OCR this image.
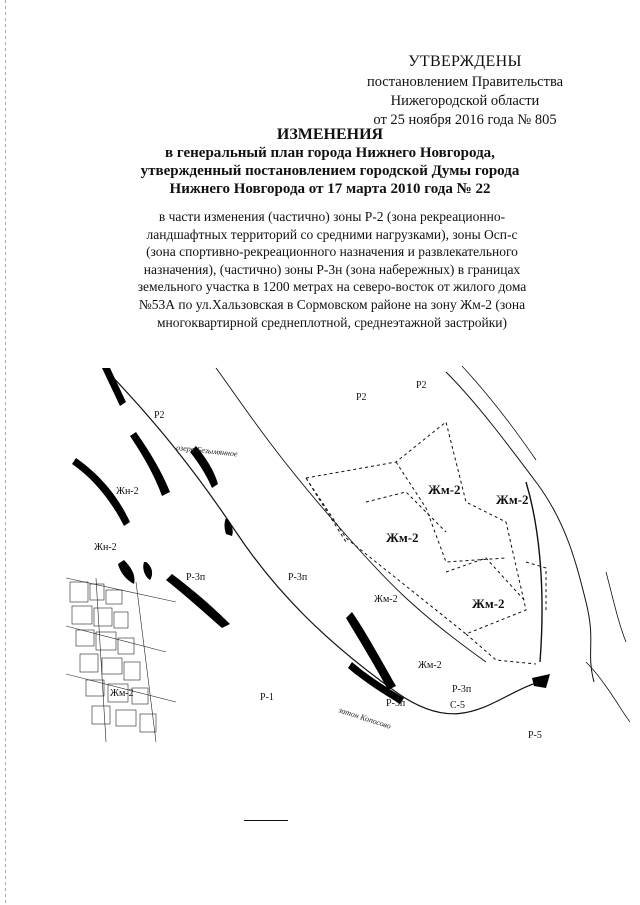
УТВЕРЖДЕНЫ
постановлением Правительства
Нижегородской области
от 25 ноября 2016 года № 805
ИЗМЕНЕНИЯ
в генеральный план города Нижнего Новгорода,
утвержденный постановлением городской Думы города
Нижнего Новгорода от 17 марта 2010 года № 22
в части изменения (частично) зоны Р-2 (зона рекреационно-
ландшафтных территорий со средними нагрузками), зоны Осп-с
(зона спортивно-рекреационного назначения и развлекательного
назначения), (частично) зоны Р-3н (зона набережных) в границах
земельного участка в 1200 метрах на северо-восток от жилого дома
№53А по ул.Хальзовская в Сормовском районе на зону Жм-2 (зона
многоквартирной среднеплотной, среднеэтажной застройки)
Р2
Р2
Р2
озеро Безымянное
Жн-2
Жн-2
Р-3п	Р-3п
Жм-2
Жм-2
Жм-2
Жм-2
Жм-2
Жм-2
Жм-2	Р-1
Р-3п
Р-3п
С-5
Р-5
затон Копосово
